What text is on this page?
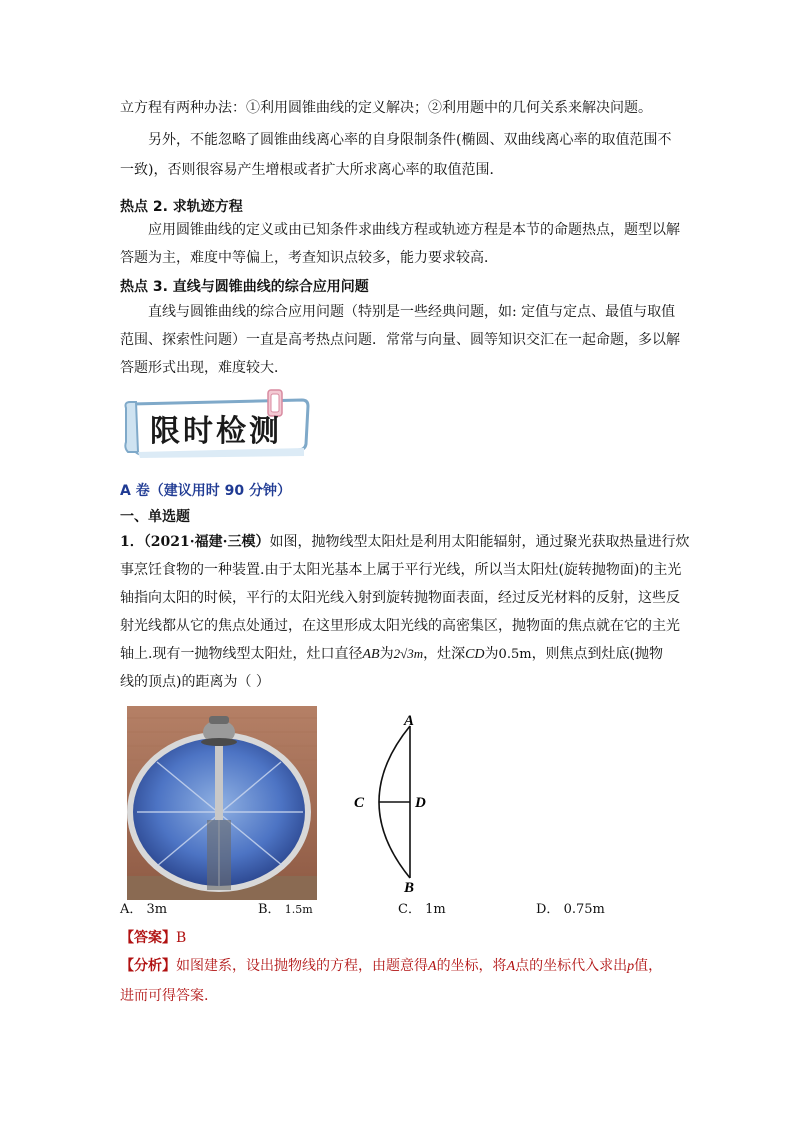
立方程有两种办法：①利用圆锥曲线的定义解决；②利用题中的几何关系来解决问题。
另外，不能忽略了圆锥曲线离心率的自身限制条件(椭圆、双曲线离心率的取值范围不
一致)，否则很容易产生增根或者扩大所求离心率的取值范围．
热点 2. 求轨迹方程
应用圆锥曲线的定义或由已知条件求曲线方程或轨迹方程是本节的命题热点，题型以解
答题为主，难度中等偏上，考查知识点较多，能力要求较高．
热点 3. 直线与圆锥曲线的综合应用问题
直线与圆锥曲线的综合应用问题（特别是一些经典问题，如: 定值与定点、最值与取值
范围、探索性问题）一直是高考热点问题．常常与向量、圆等知识交汇在一起命题，多以解
答题形式出现，难度较大．
限时检测
A 卷（建议用时 90 分钟）
一、单选题
1．（2021·福建·三模）如图，抛物线型太阳灶是利用太阳能辐射，通过聚光获取热量进行炊
事烹饪食物的一种装置.由于太阳光基本上属于平行光线，所以当太阳灶(旋转抛物面)的主光
轴指向太阳的时候，平行的太阳光线入射到旋转抛物面表面，经过反光材料的反射，这些反
射光线都从它的焦点处通过，在这里形成太阳光线的高密集区，抛物面的焦点就在它的主光
轴上.现有一抛物线型太阳灶，灶口直径AB为2√3m，灶深CD为0.5m，则焦点到灶底(抛物
线的顶点)的距离为（ ）
A
B
C	D
A． 3m	B． 1.5m	C． 1m	D． 0.75m
【答案】B
【分析】如图建系，设出抛物线的方程，由题意得A的坐标，将A点的坐标代入求出p值，
进而可得答案.
